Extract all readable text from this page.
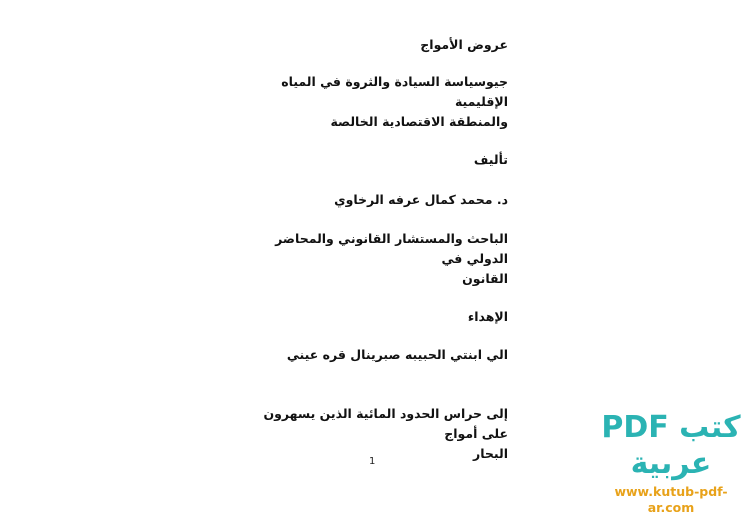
عروض الأمواج
جيوسياسة السيادة والثروة في المياه الإقليمية
والمنطقة الاقتصادية الخالصة
تأليف
د. محمد كمال عرفه الرخاوي
الباحث والمستشار القانوني والمحاضر الدولي في
القانون
الإهداء
الي ابنتي الحبيبه صبرينال قره عيني
إلى حراس الحدود المائية الذين يسهرون على أمواج
البحار
1
كتب PDF عربية
www.kutub-pdf-ar.com
